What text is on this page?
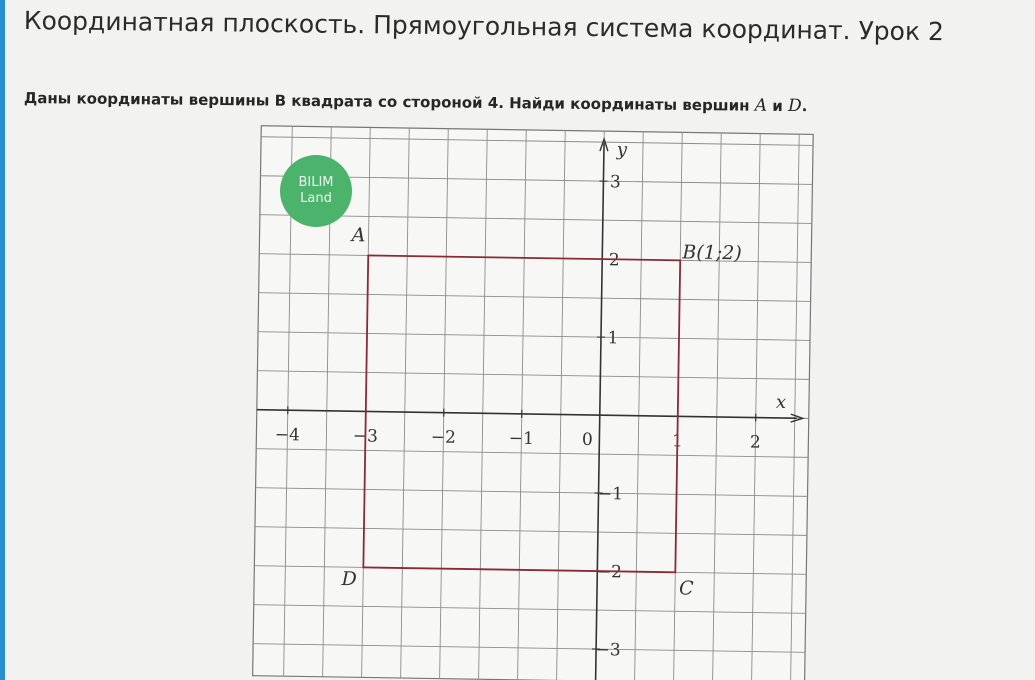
Координатная плоскость. Прямоугольная система координат. Урок 2
Даны координаты вершины В квадрата со стороной 4. Найди координаты вершин A и D.
x
y
−4	−3	−2	−1	0	1	2
3
2
1
−1
−2
−3
A
B(1;2)
C
D
BILIM
Land
